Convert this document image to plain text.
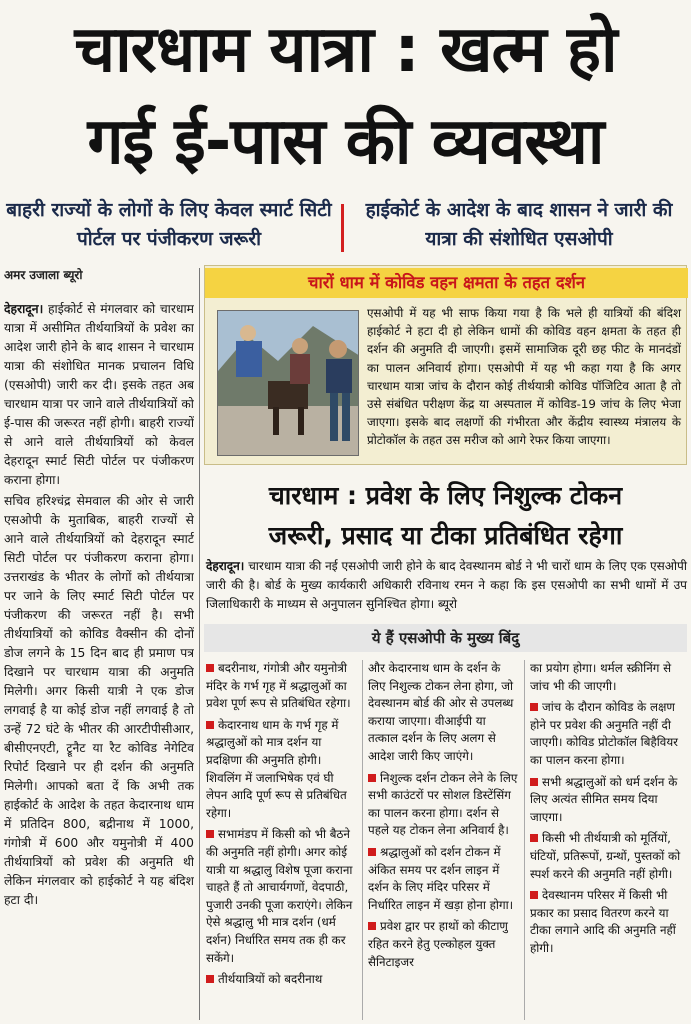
चारधाम यात्रा : खत्म हो
गई ई-पास की व्यवस्था
बाहरी राज्यों के लोगों के लिए केवल स्मार्ट सिटी पोर्टल पर पंजीकरण जरूरी
हाईकोर्ट के आदेश के बाद शासन ने जारी की यात्रा की संशोधित एसओपी
अमर उजाला ब्यूरो

देहरादून। हाईकोर्ट से मंगलवार को चारधाम यात्रा में असीमित तीर्थयात्रियों के प्रवेश का आदेश जारी होने के बाद शासन ने चारधाम यात्रा की संशोधित मानक प्रचालन विधि (एसओपी) जारी कर दी। इसके तहत अब चारधाम यात्रा पर जाने वाले तीर्थयात्रियों को ई-पास की जरूरत नहीं होगी। बाहरी राज्यों से आने वाले तीर्थयात्रियों को केवल देहरादून स्मार्ट सिटी पोर्टल पर पंजीकरण कराना होगा।

सचिव हरिश्चंद्र सेमवाल की ओर से जारी एसओपी के मुताबिक, बाहरी राज्यों से आने वाले तीर्थयात्रियों को देहरादून स्मार्ट सिटी पोर्टल पर पंजीकरण कराना होगा। उत्तराखंड के भीतर के लोगों को तीर्थयात्रा पर जाने के लिए स्मार्ट सिटी पोर्टल पर पंजीकरण की जरूरत नहीं है। सभी तीर्थयात्रियों को कोविड वैक्सीन की दोनों डोज लगने के 15 दिन बाद ही प्रमाण पत्र दिखाने पर चारधाम यात्रा की अनुमति मिलेगी। अगर किसी यात्री ने एक डोज लगवाई है या कोई डोज नहीं लगवाई है तो उन्हें 72 घंटे के भीतर की आरटीपीसीआर, बीसीएनएटी, ट्रूनैट या रैट कोविड नेगेटिव रिपोर्ट दिखाने पर ही दर्शन की अनुमति मिलेगी। आपको बता दें कि अभी तक हाईकोर्ट के आदेश के तहत केदारनाथ धाम में प्रतिदिन 800, बद्रीनाथ में 1000, गंगोत्री में 600 और यमुनोत्री में 400 तीर्थयात्रियों को प्रवेश की अनुमति थी लेकिन मंगलवार को हाईकोर्ट ने यह बंदिश हटा दी।

चारों धाम में कोविड वहन क्षमता के तहत दर्शन
एसओपी में यह भी साफ किया गया है कि भले ही यात्रियों की बंदिश हाईकोर्ट ने हटा दी हो लेकिन धामों की कोविड वहन क्षमता के तहत ही दर्शन की अनुमति दी जाएगी। इसमें सामाजिक दूरी छह फीट के मानदंडों का पालन अनिवार्य होगा। एसओपी में यह भी कहा गया है कि अगर चारधाम यात्रा जांच के दौरान कोई तीर्थयात्री कोविड पॉजिटिव आता है तो उसे संबंधित परीक्षण केंद्र या अस्पताल में कोविड-19 जांच के लिए भेजा जाएगा। इसके बाद लक्षणों की गंभीरता और केंद्रीय स्वास्थ्य मंत्रालय के प्रोटोकॉल के तहत उस मरीज को आगे रेफर किया जाएगा।
चारधाम : प्रवेश के लिए निशुल्क टोकन
जरूरी, प्रसाद या टीका प्रतिबंधित रहेगा
देहरादून। चारधाम यात्रा की नई एसओपी जारी होने के बाद देवस्थानम बोर्ड ने भी चारों धाम के लिए एक एसओपी जारी की है। बोर्ड के मुख्य कार्यकारी अधिकारी रविनाथ रमन ने कहा कि इस एसओपी का सभी धामों में उप जिलाधिकारी के माध्यम से अनुपालन सुनिश्चित होगा। ब्यूरो
ये हैं एसओपी के मुख्य बिंदु
बदरीनाथ, गंगोत्री और यमुनोत्री मंदिर के गर्भ गृह में श्रद्धालुओं का प्रवेश पूर्ण रूप से प्रतिबंधित रहेगा।
केदारनाथ धाम के गर्भ गृह में श्रद्धालुओं को मात्र दर्शन या प्रदक्षिणा की अनुमति होगी। शिवलिंग में जलाभिषेक एवं घी लेपन आदि पूर्ण रूप से प्रतिबंधित रहेगा।
सभामंडप में किसी को भी बैठने की अनुमति नहीं होगी। अगर कोई यात्री या श्रद्धालु विशेष पूजा कराना चाहते हैं तो आचार्यगणों, वेदपाठी, पुजारी उनकी पूजा कराएंगे। लेकिन ऐसे श्रद्धालु भी मात्र दर्शन (धर्म दर्शन) निर्धारित समय तक ही कर सकेंगे।
तीर्थयात्रियों को बदरीनाथ
और केदारनाथ धाम के दर्शन के लिए निशुल्क टोकन लेना होगा, जो देवस्थानम बोर्ड की ओर से उपलब्ध कराया जाएगा। वीआईपी या तत्काल दर्शन के लिए अलग से आदेश जारी किए जाएंगे।
निशुल्क दर्शन टोकन लेने के लिए सभी काउंटरों पर सोशल डिस्टेंसिंग का पालन करना होगा। दर्शन से पहले यह टोकन लेना अनिवार्य है।
श्रद्धालुओं को दर्शन टोकन में अंकित समय पर दर्शन लाइन में दर्शन के लिए मंदिर परिसर में निर्धारित लाइन में खड़ा होना होगा।
प्रवेश द्वार पर हाथों को कीटाणु रहित करने हेतु एल्कोहल युक्त सैनिटाइजर
का प्रयोग होगा। थर्मल स्क्रीनिंग से जांच भी की जाएगी।
जांच के दौरान कोविड के लक्षण होने पर प्रवेश की अनुमति नहीं दी जाएगी। कोविड प्रोटोकॉल बिहैवियर का पालन करना होगा।
सभी श्रद्धालुओं को धर्म दर्शन के लिए अत्यंत सीमित समय दिया जाएगा।
किसी भी तीर्थयात्री को मूर्तियों, घंटियों, प्रतिरूपों, ग्रन्थों, पुस्तकों को स्पर्श करने की अनुमति नहीं होगी।
देवस्थानम परिसर में किसी भी प्रकार का प्रसाद वितरण करने या टीका लगाने आदि की अनुमति नहीं होगी।
